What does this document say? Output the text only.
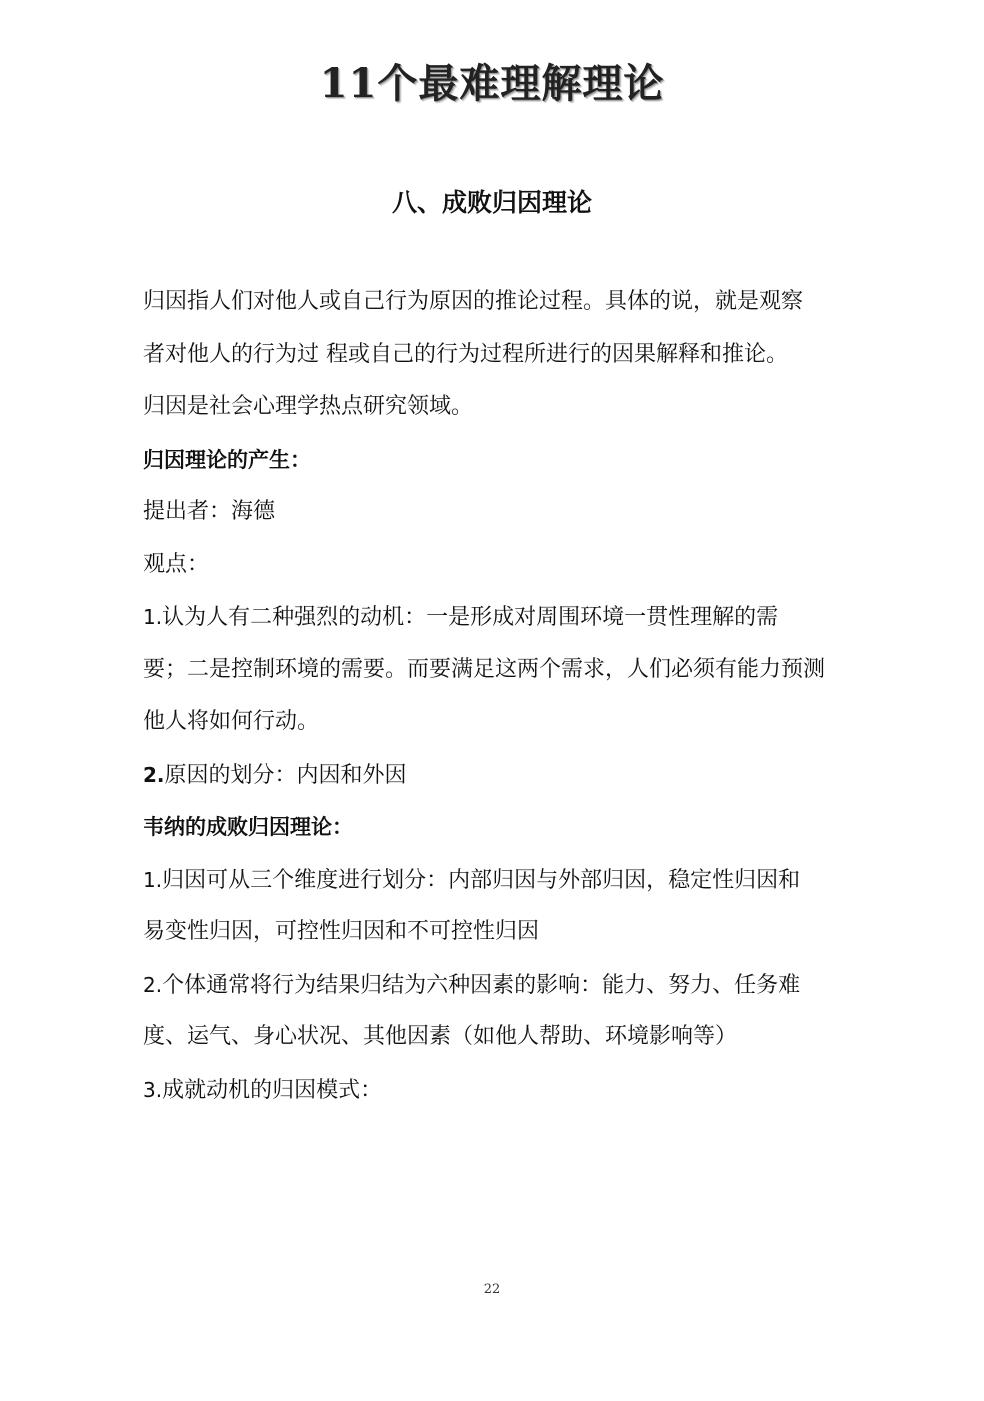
11个最难理解理论
八、成败归因理论
归因指人们对他人或自己行为原因的推论过程。具体的说，就是观察
者对他人的行为过 程或自己的行为过程所进行的因果解释和推论。
归因是社会心理学热点研究领域。
归因理论的产生：
提出者：海德
观点：
1.认为人有二种强烈的动机：一是形成对周围环境一贯性理解的需
要；二是控制环境的需要。而要满足这两个需求，人们必须有能力预测
他人将如何行动。
2.原因的划分：内因和外因
韦纳的成败归因理论：
1.归因可从三个维度进行划分：内部归因与外部归因，稳定性归因和
易变性归因，可控性归因和不可控性归因
2.个体通常将行为结果归结为六种因素的影响：能力、努力、任务难
度、运气、身心状况、其他因素（如他人帮助、环境影响等）
3.成就动机的归因模式：
22
